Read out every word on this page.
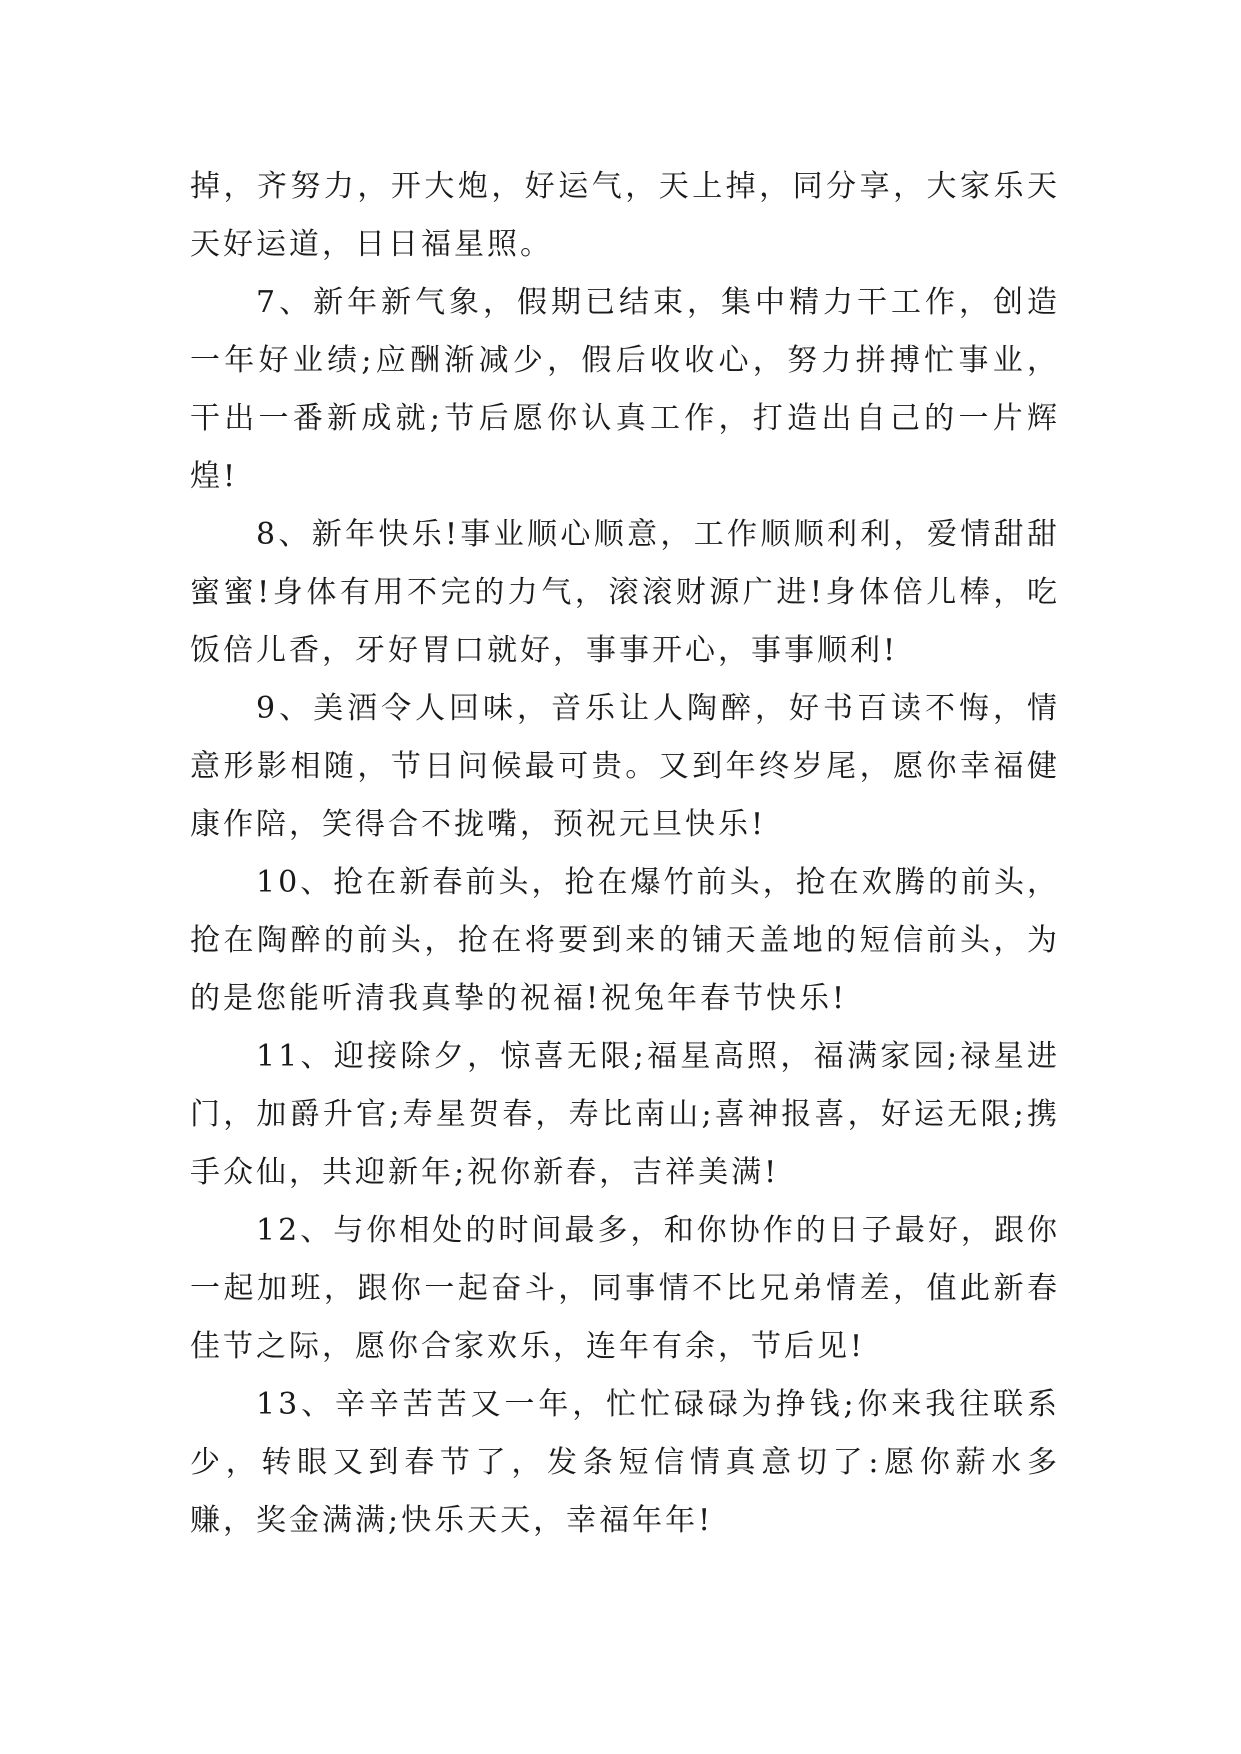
掉，齐努力，开大炮，好运气，天上掉，同分享，大家乐天天好运道，日日福星照。

7、新年新气象，假期已结束，集中精力干工作，创造一年好业绩;应酬渐减少，假后收收心，努力拼搏忙事业，干出一番新成就;节后愿你认真工作，打造出自己的一片辉煌!

8、新年快乐!事业顺心顺意，工作顺顺利利，爱情甜甜蜜蜜!身体有用不完的力气，滚滚财源广进!身体倍儿棒，吃饭倍儿香，牙好胃口就好，事事开心，事事顺利!

9、美酒令人回味，音乐让人陶醉，好书百读不悔，情意形影相随，节日问候最可贵。又到年终岁尾，愿你幸福健康作陪，笑得合不拢嘴，预祝元旦快乐!

10、抢在新春前头，抢在爆竹前头，抢在欢腾的前头，抢在陶醉的前头，抢在将要到来的铺天盖地的短信前头，为的是您能听清我真挚的祝福!祝兔年春节快乐!

11、迎接除夕，惊喜无限;福星高照，福满家园;禄星进门，加爵升官;寿星贺春，寿比南山;喜神报喜，好运无限;携手众仙，共迎新年;祝你新春，吉祥美满!

12、与你相处的时间最多，和你协作的日子最好，跟你一起加班，跟你一起奋斗，同事情不比兄弟情差，值此新春佳节之际，愿你合家欢乐，连年有余，节后见!

13、辛辛苦苦又一年，忙忙碌碌为挣钱;你来我往联系少，转眼又到春节了，发条短信情真意切了:愿你薪水多赚，奖金满满;快乐天天，幸福年年!
